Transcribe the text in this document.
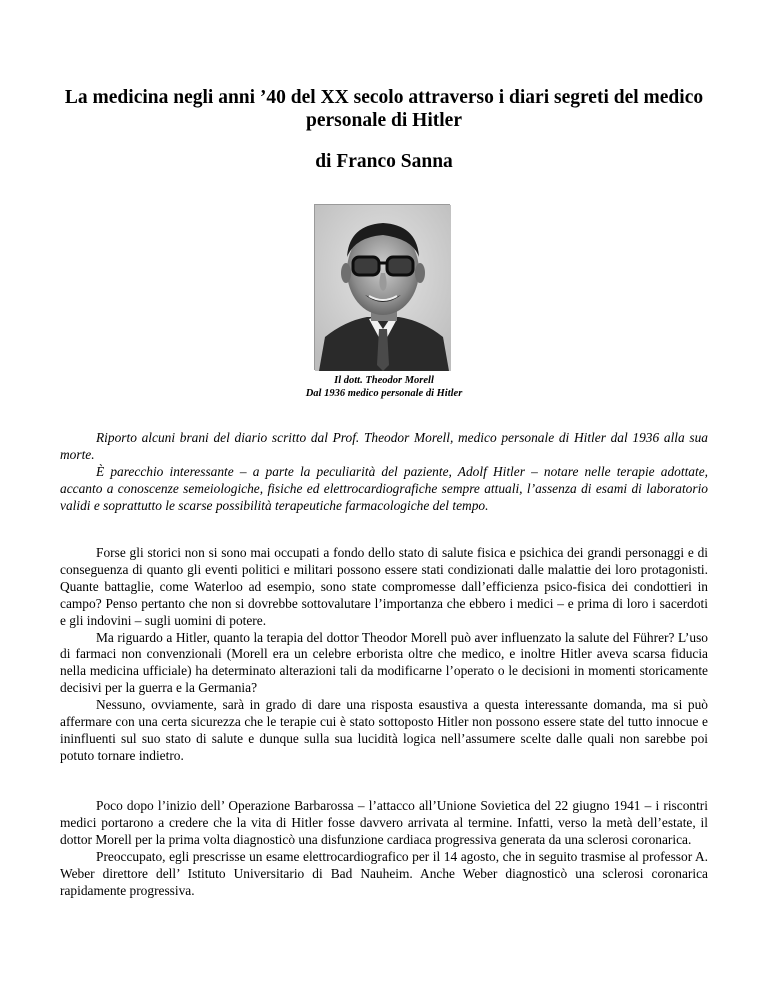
La medicina negli anni ’40 del XX secolo attraverso i diari segreti del medico personale di Hitler
di Franco Sanna
Il dott. Theodor Morell
Dal 1936 medico personale di Hitler

Riporto alcuni brani del diario scritto dal Prof. Theodor Morell, medico personale di Hitler dal 1936 alla sua morte.

È parecchio interessante – a parte la peculiarità del paziente, Adolf Hitler – notare nelle terapie adottate, accanto a conoscenze semeiologiche, fisiche ed elettrocardiografiche sempre attuali, l’assenza di esami di laboratorio validi e soprattutto le scarse possibilità terapeutiche farmacologiche del tempo.

Forse gli storici non si sono mai occupati a fondo dello stato di salute fisica e psichica dei grandi personaggi e di conseguenza di quanto gli eventi politici e militari possono essere stati condizionati dalle malattie dei loro protagonisti. Quante battaglie, come Waterloo ad esempio, sono state compromesse dall’efficienza psico-fisica dei condottieri in campo? Penso pertanto che non si dovrebbe sottovalutare l’importanza che ebbero i medici – e prima di loro i sacerdoti e gli indovini – sugli uomini di potere.

Ma riguardo a Hitler, quanto la terapia del dottor Theodor Morell può aver influenzato la salute del Führer? L’uso di farmaci non convenzionali (Morell era un celebre erborista oltre che medico, e inoltre Hitler aveva scarsa fiducia nella medicina ufficiale) ha determinato alterazioni tali da modificarne l’operato o le decisioni in momenti storicamente decisivi per la guerra e la Germania?

Nessuno, ovviamente, sarà in grado di dare una risposta esaustiva a questa interessante domanda, ma si può affermare con una certa sicurezza che le terapie cui è stato sottoposto Hitler non possono essere state del tutto innocue e ininfluenti sul suo stato di salute e dunque sulla sua lucidità logica nell’assumere scelte dalle quali non sarebbe poi potuto tornare indietro.

Poco dopo l’inizio dell’ Operazione Barbarossa – l’attacco all’Unione Sovietica del 22 giugno 1941 – i riscontri medici portarono a credere che la vita di Hitler fosse davvero arrivata al termine. Infatti, verso la metà dell’estate, il dottor Morell per la prima volta diagnosticò una disfunzione cardiaca progressiva generata da una sclerosi coronarica.

Preoccupato, egli prescrisse un esame elettrocardiografico per il 14 agosto, che in seguito trasmise al professor A. Weber direttore dell’ Istituto Universitario di Bad Nauheim. Anche Weber diagnosticò una sclerosi coronarica rapidamente progressiva.
